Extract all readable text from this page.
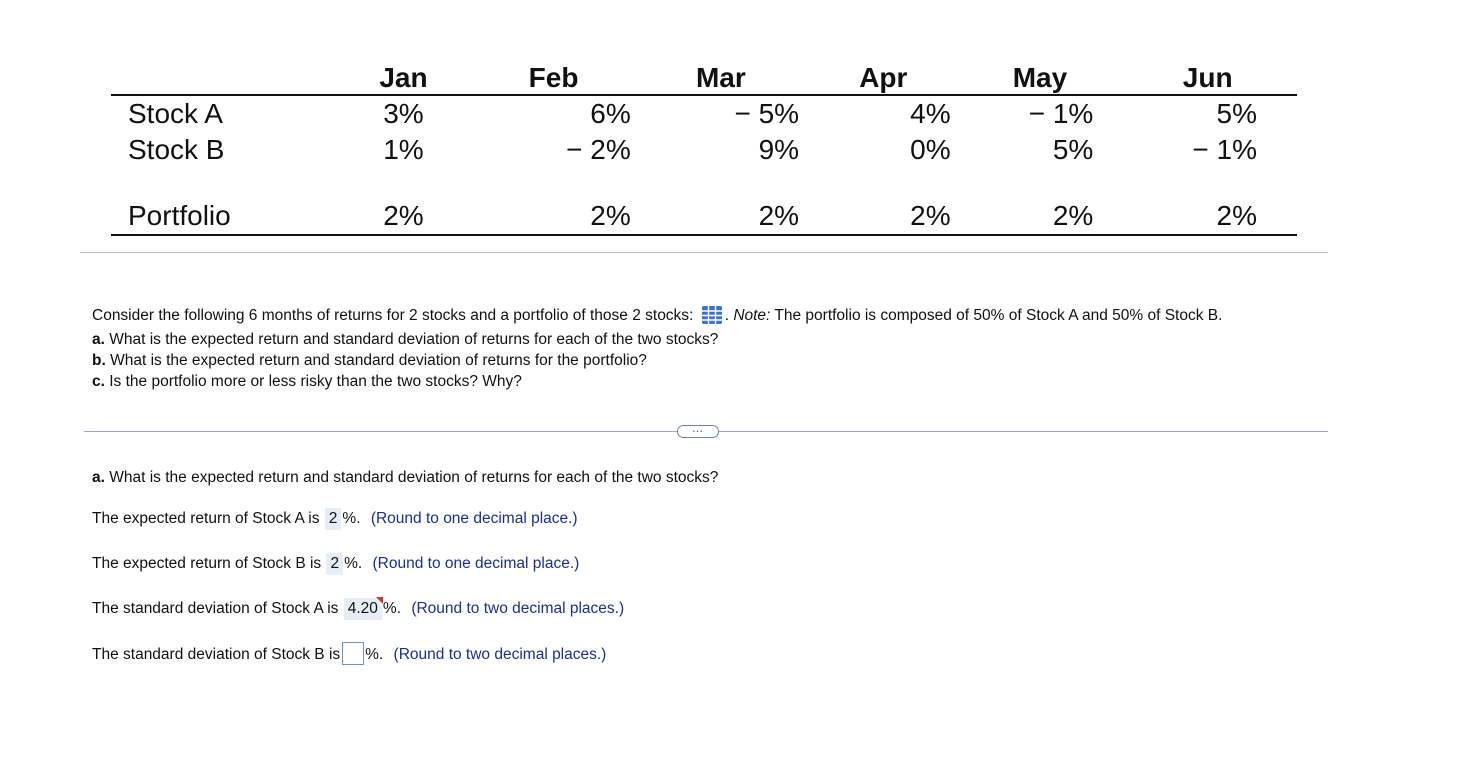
	Jan	Feb	Mar	Apr	May	Jun
Stock A	3%	6%	− 5%	4%	− 1%	5%
Stock B	1%	− 2%	9%	0%	5%	− 1%

Portfolio	2%	2%	2%	2%	2%	2%
Consider the following 6 months of returns for 2 stocks and a portfolio of those 2 stocks: . Note: The portfolio is composed of 50% of Stock A and 50% of Stock B.
a. What is the expected return and standard deviation of returns for each of the two stocks?
b. What is the expected return and standard deviation of returns for the portfolio?
c. Is the portfolio more or less risky than the two stocks? Why?
…
a. What is the expected return and standard deviation of returns for each of the two stocks?
The expected return of Stock A is 2 %. (Round to one decimal place.)
The expected return of Stock B is 2 %. (Round to one decimal place.)
The standard deviation of Stock A is 4.20 %. (Round to two decimal places.)
The standard deviation of Stock B is %. (Round to two decimal places.)
